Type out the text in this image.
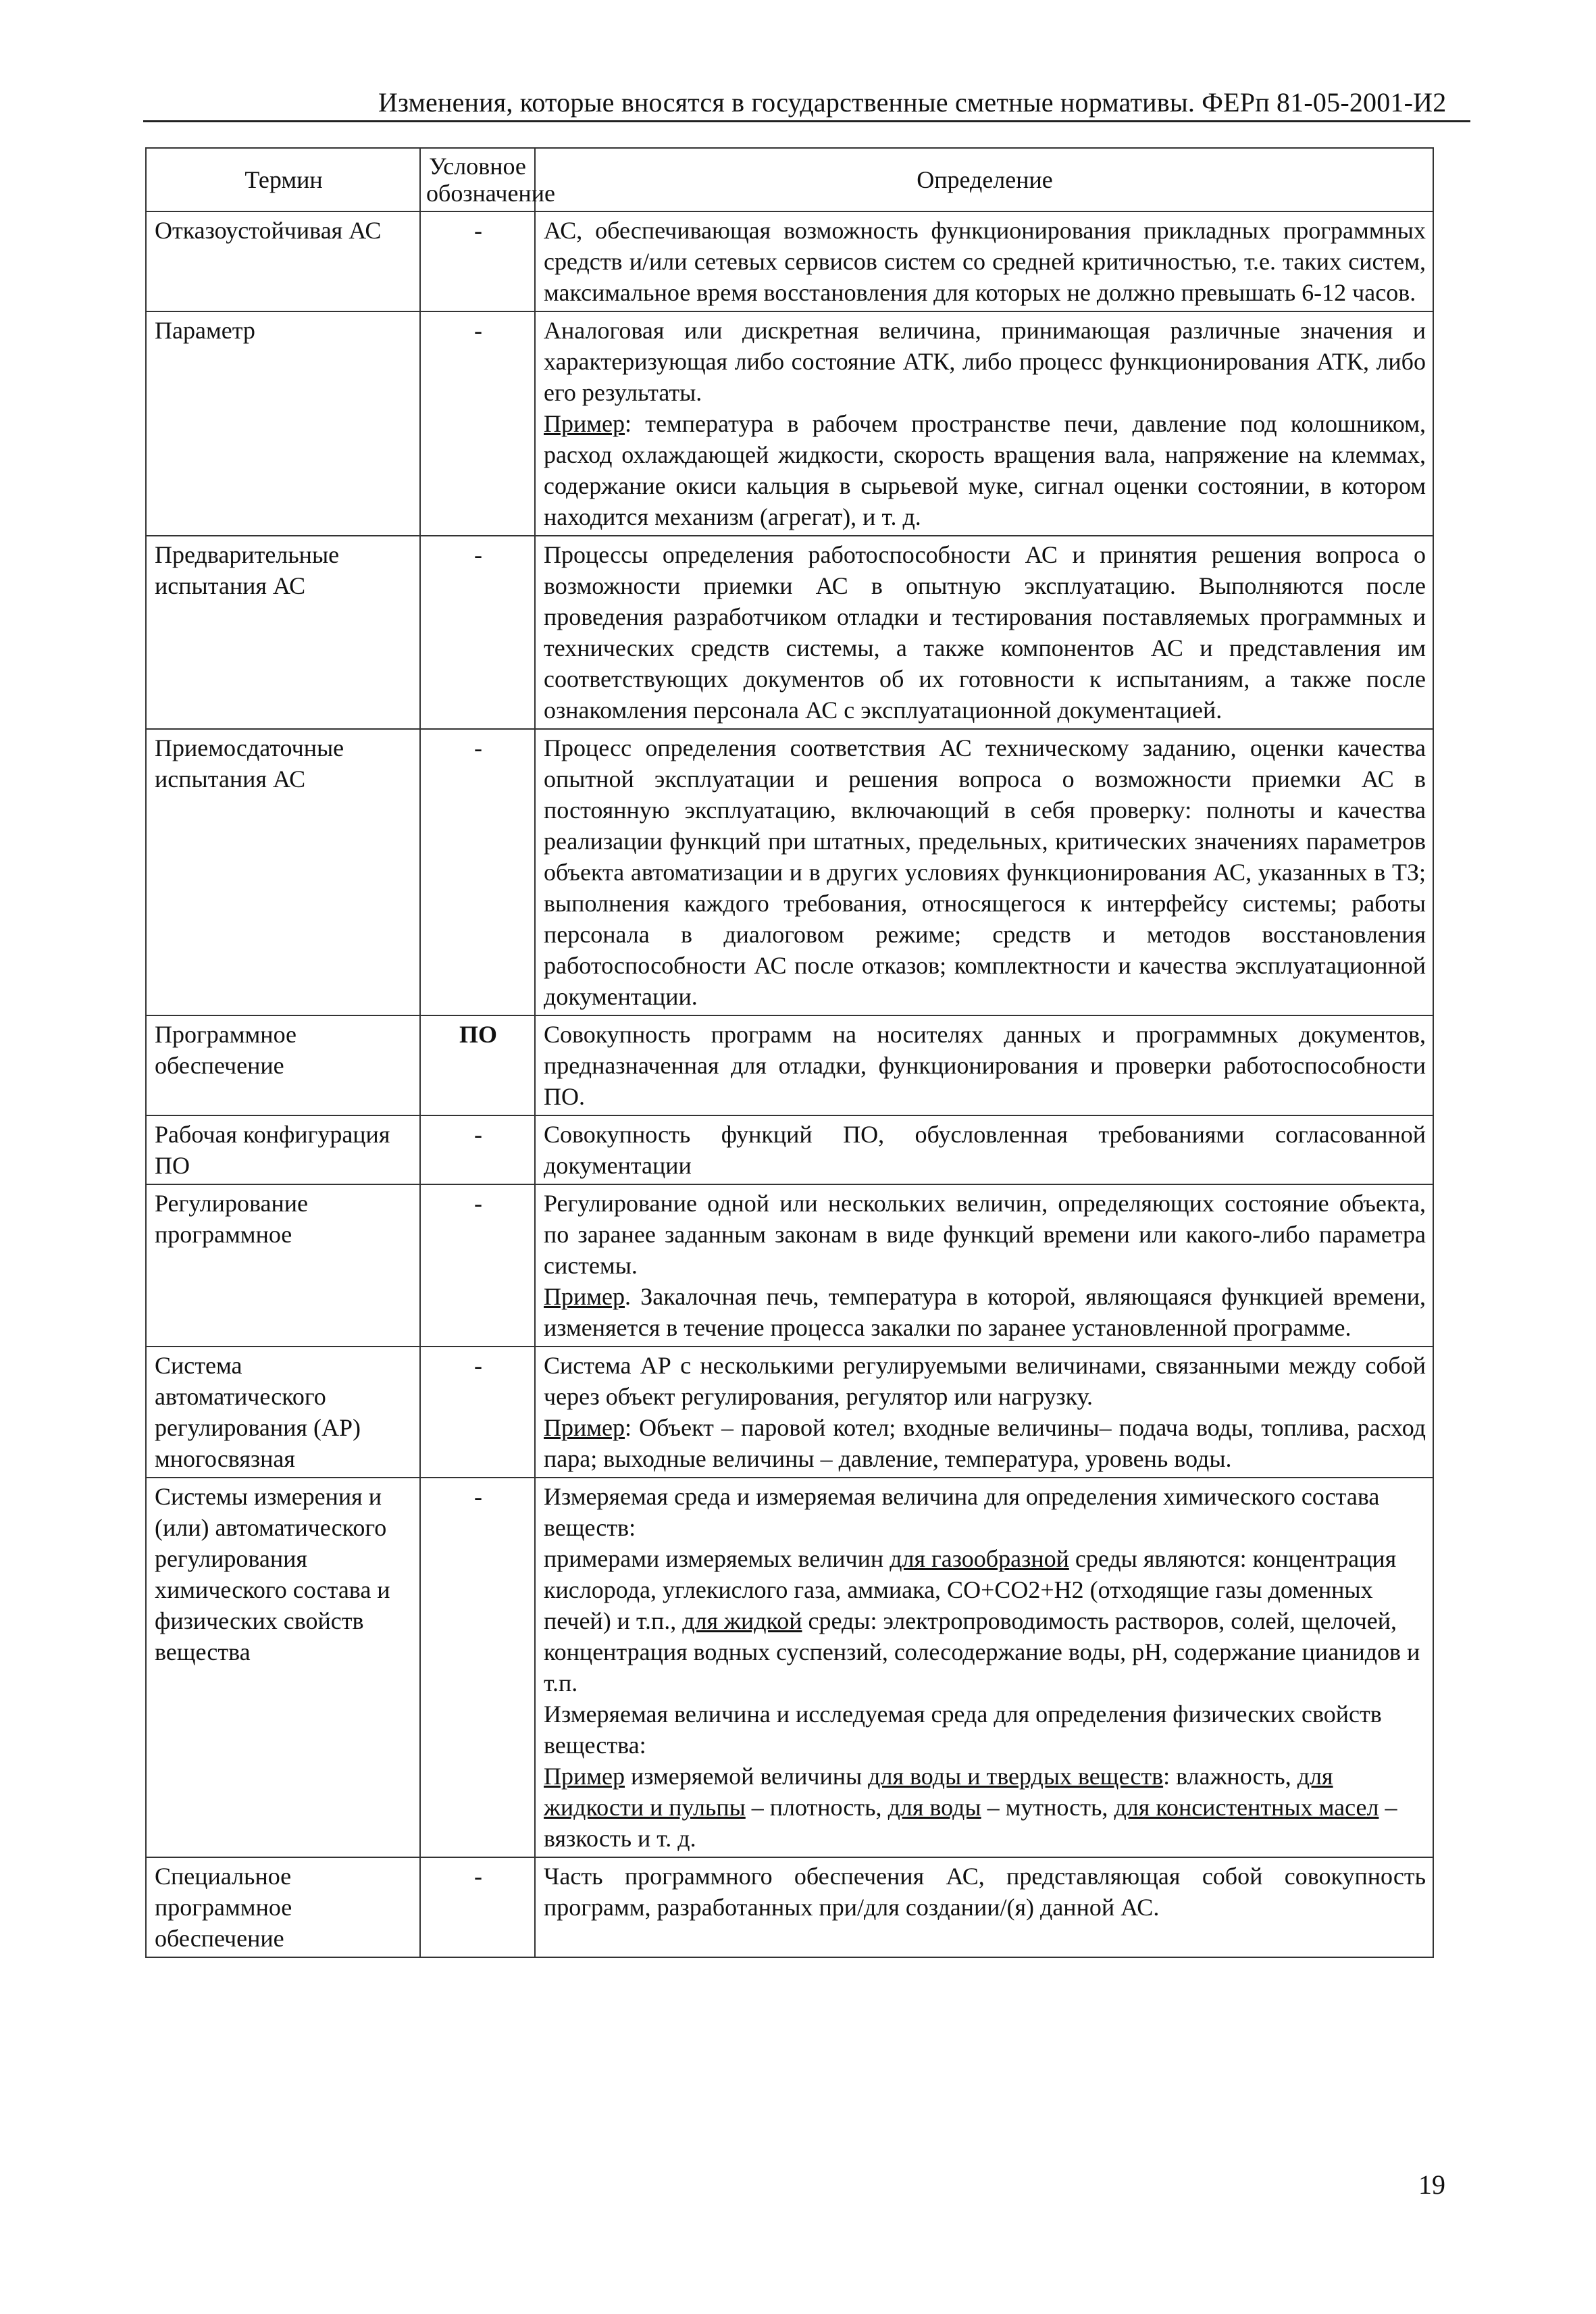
Изменения, которые вносятся в государственные сметные нормативы. ФЕРп 81-05-2001-И2
Термин	Условное обозначение	Определение
Отказоустойчивая АС	-	АС, обеспечивающая возможность функционирования прикладных программных средств и/или сетевых сервисов систем со средней критичностью, т.е. таких систем, максимальное время восстановления для которых не должно превышать 6-12 часов.
Параметр	-	Аналоговая или дискретная величина, принимающая различные значения и характеризующая либо состояние АТК, либо процесс функционирования АТК, либо его результаты.
Пример: температура в рабочем пространстве печи, давление под колошником, расход охлаждающей жидкости, скорость вращения вала, напряжение на клеммах, содержание окиси кальция в сырьевой муке, сигнал оценки состоянии, в котором находится механизм (агрегат), и т. д.
Предварительные испытания АС	-	Процессы определения работоспособности АС и принятия решения вопроса о возможности приемки АС в опытную эксплуатацию. Выполняются после проведения разработчиком отладки и тестирования поставляемых программных и технических средств системы, а также компонентов АС и представления им соответствующих документов об их готовности к испытаниям, а также после ознакомления персонала АС с эксплуатационной документацией.
Приемосдаточные испытания АС	-	Процесс определения соответствия АС техническому заданию, оценки качества опытной эксплуатации и решения вопроса о возможности приемки АС в постоянную эксплуатацию, включающий в себя проверку: полноты и качества реализации функций при штатных, предельных, критических значениях параметров объекта автоматизации и в других условиях функционирования АС, указанных в ТЗ; выполнения каждого требования, относящегося к интерфейсу системы; работы персонала в диалоговом режиме; средств и методов восстановления работоспособности АС после отказов; комплектности и качества эксплуатационной документации.
Программное обеспечение	ПО	Совокупность программ на носителях данных и программных документов, предназначенная для отладки, функционирования и проверки работоспособности ПО.
Рабочая конфигурация ПО	-	Совокупность функций ПО, обусловленная требованиями согласованной документации
Регулирование программное	-	Регулирование одной или нескольких величин, определяющих состояние объекта, по заранее заданным законам в виде функций времени или какого-либо параметра системы.
Пример. Закалочная печь, температура в которой, являющаяся функцией времени, изменяется в течение процесса закалки по заранее установленной программе.
Система автоматического регулирования (АР) многосвязная	-	Система АР с несколькими регулируемыми величинами, связанными между собой через объект регулирования, регулятор или нагрузку.
Пример: Объект – паровой котел; входные величины– подача воды, топлива, расход пара; выходные величины – давление, температура, уровень воды.
Системы измерения и (или) автоматического регулирования химического состава и физических свойств вещества	-	Измеряемая среда и измеряемая величина для определения химического состава веществ:
примерами измеряемых величин для газообразной среды являются: концентрация кислорода, углекислого газа, аммиака, СО+СО2+Н2 (отходящие газы доменных печей) и т.п., для жидкой среды: электропроводимость растворов, солей, щелочей, концентрация водных суспензий, солесодержание воды, рН, содержание цианидов и т.п.
Измеряемая величина и исследуемая среда для определения физических свойств вещества:
Пример измеряемой величины для воды и твердых веществ: влажность, для жидкости и пульпы – плотность, для воды – мутность, для консистентных масел – вязкость и т. д.
Специальное программное обеспечение	-	Часть программного обеспечения АС, представляющая собой совокупность программ, разработанных при/для создании/(я) данной АС.
19
